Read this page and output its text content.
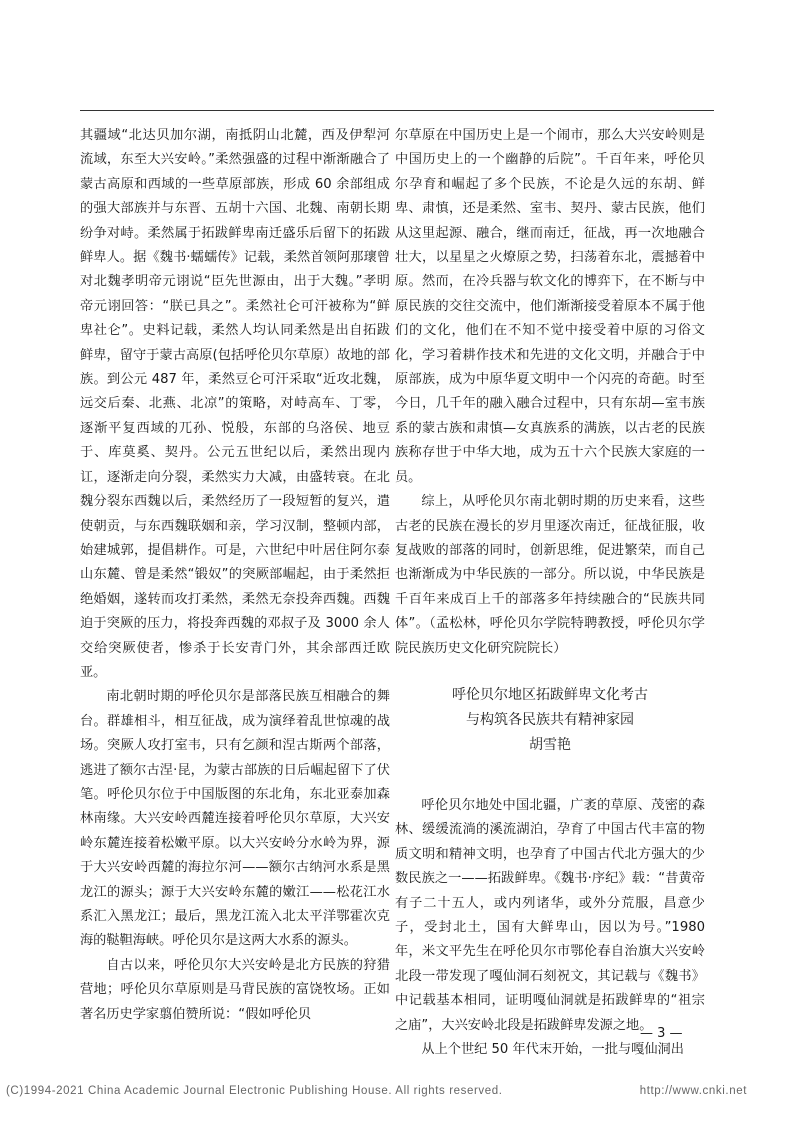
其疆域“北达贝加尔湖，南抵阴山北麓，西及伊犁河流域，东至大兴安岭。”柔然强盛的过程中渐渐融合了蒙古高原和西域的一些草原部族，形成 60 余部组成的强大部族并与东晋、五胡十六国、北魏、南朝长期纷争对峙。柔然属于拓跋鲜卑南迁盛乐后留下的拓跋鲜卑人。据《魏书·蠕蠕传》记载，柔然首领阿那瓌曾对北魏孝明帝元诩说“臣先世源由，出于大魏。”孝明帝元诩回答：“朕已具之”。柔然社仑可汗被称为“鲜卑社仑”。史料记载，柔然人均认同柔然是出自拓跋鲜卑，留守于蒙古高原(包括呼伦贝尔草原）故地的部族。到公元 487 年，柔然豆仑可汗采取“近攻北魏，远交后秦、北燕、北凉”的策略，对峙高车、丁零，逐渐平复西域的兀孙、悦般，东部的乌洛侯、地豆于、库莫奚、契丹。公元五世纪以后，柔然出现内讧，逐渐走向分裂，柔然实力大减，由盛转衰。在北魏分裂东西魏以后，柔然经历了一段短暂的复兴，遣使朝贡，与东西魏联姻和亲，学习汉制，整顿内部，始建城郭，提倡耕作。可是，六世纪中叶居住阿尔泰山东麓、曾是柔然“锻奴”的突厥部崛起，由于柔然拒绝婚姻，遂转而攻打柔然，柔然无奈投奔西魏。西魏迫于突厥的压力，将投奔西魏的邓叔子及 3000 余人交给突厥使者，惨杀于长安青门外，其余部西迁欧亚。

南北朝时期的呼伦贝尔是部落民族互相融合的舞台。群雄相斗，相互征战，成为演绎着乱世惊魂的战场。突厥人攻打室韦，只有乞颜和涅古斯两个部落，逃进了额尔古涅·昆，为蒙古部族的日后崛起留下了伏笔。呼伦贝尔位于中国版图的东北角，东北亚泰加森林南缘。大兴安岭西麓连接着呼伦贝尔草原，大兴安岭东麓连接着松嫩平原。以大兴安岭分水岭为界，源于大兴安岭西麓的海拉尔河——额尔古纳河水系是黑龙江的源头；源于大兴安岭东麓的嫩江——松花江水系汇入黑龙江；最后，黑龙江流入北太平洋鄂霍次克海的鞑靼海峡。呼伦贝尔是这两大水系的源头。

自古以来，呼伦贝尔大兴安岭是北方民族的狩猎营地；呼伦贝尔草原则是马背民族的富饶牧场。正如著名历史学家翦伯赞所说：“假如呼伦贝

尔草原在中国历史上是一个闹市，那么大兴安岭则是中国历史上的一个幽静的后院”。千百年来，呼伦贝尔孕育和崛起了多个民族，不论是久远的东胡、鲜卑、肃慎，还是柔然、室韦、契丹、蒙古民族，他们从这里起源、融合，继而南迁，征战，再一次地融合壮大，以星星之火燎原之势，扫荡着东北，震撼着中原。然而，在冷兵器与软文化的博弈下，在不断与中原民族的交往交流中，他们渐渐接受着原本不属于他们的文化，他们在不知不觉中接受着中原的习俗文化，学习着耕作技术和先进的文化文明，并融合于中原部族，成为中原华夏文明中一个闪亮的奇葩。时至今日，几千年的融入融合过程中，只有东胡—室韦族系的蒙古族和肃慎—女真族系的满族，以古老的民族族称存世于中华大地，成为五十六个民族大家庭的一员。

综上，从呼伦贝尔南北朝时期的历史来看，这些古老的民族在漫长的岁月里逐次南迁，征战征服，收复战败的部落的同时，创新思维，促进繁荣，而自己也渐渐成为中华民族的一部分。所以说，中华民族是千百年来成百上千的部落多年持续融合的“民族共同体”。（孟松林，呼伦贝尔学院特聘教授，呼伦贝尔学院民族历史文化研究院院长）

呼伦贝尔地区拓跋鲜卑文化考古
与构筑各民族共有精神家园
胡雪艳

呼伦贝尔地处中国北疆，广袤的草原、茂密的森林、缓缓流淌的溪流湖泊，孕育了中国古代丰富的物质文明和精神文明，也孕育了中国古代北方强大的少数民族之一——拓跋鲜卑。《魏书·序纪》载：“昔黄帝有子二十五人，或内列诸华，或外分荒服，昌意少子，受封北土，国有大鲜卑山，因以为号。”1980 年，米文平先生在呼伦贝尔市鄂伦春自治旗大兴安岭北段一带发现了嘎仙洞石刻祝文，其记载与《魏书》中记载基本相同，证明嘎仙洞就是拓跋鲜卑的“祖宗之庙”，大兴安岭北段是拓跋鲜卑发源之地。

从上个世纪 50 年代末开始，一批与嘎仙洞出

— 3 —
(C)1994-2021 China Academic Journal Electronic Publishing House. All rights reserved.	http://www.cnki.net
